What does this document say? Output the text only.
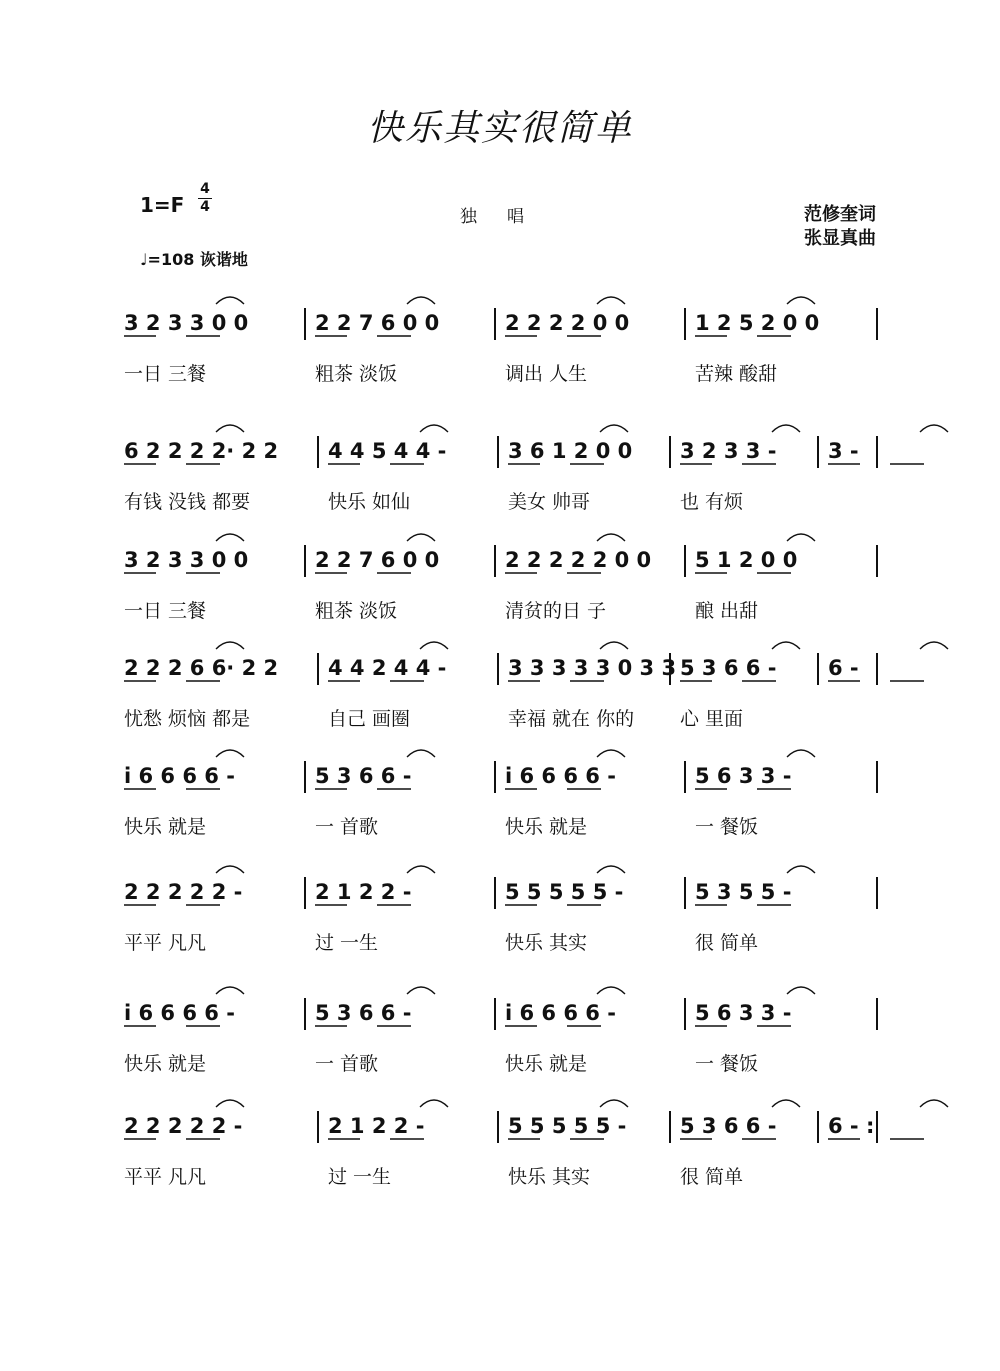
快乐其实很简单
1=F
4
4	独唱	范修奎词
张显真曲
♩=108 诙谐地
3 2 3 3 0 0
一日 三餐
2 2 7 6 0 0
粗茶 淡饭
2 2 2 2 0 0
调出 人生
1 2 5 2 0 0
苦辣 酸甜
6 2 2 2 2· 2 2
有钱 没钱 都要
4 4 5 4 4 -
快乐 如仙
3 6 1 2 0 0
美女 帅哥
3 2 3 3 -
也 有烦
3 -
3 2 3 3 0 0
一日 三餐
2 2 7 6 0 0
粗茶 淡饭
2 2 2 2 2 0 0
清贫的日 子
5 1 2 0 0
酿 出甜
2 2 2 6 6· 2 2
忧愁 烦恼 都是
4 4 2 4 4 -
自己 画圈
3 3 3 3 3 0 3 3
幸福 就在 你的
5 3 6 6 -
心 里面
6 -
i 6 6 6 6 -
快乐 就是
5 3 6 6 -
一 首歌
i 6 6 6 6 -
快乐 就是
5 6 3 3 -
一 餐饭
2 2 2 2 2 -
平平 凡凡
2 1 2 2 -
过 一生
5 5 5 5 5 -
快乐 其实
5 3 5 5 -
很 简单
i 6 6 6 6 -
快乐 就是
5 3 6 6 -
一 首歌
i 6 6 6 6 -
快乐 就是
5 6 3 3 -
一 餐饭
2 2 2 2 2 -
平平 凡凡
2 1 2 2 -
过 一生
5 5 5 5 5 -
快乐 其实
5 3 6 6 -
很 简单
6 - :
